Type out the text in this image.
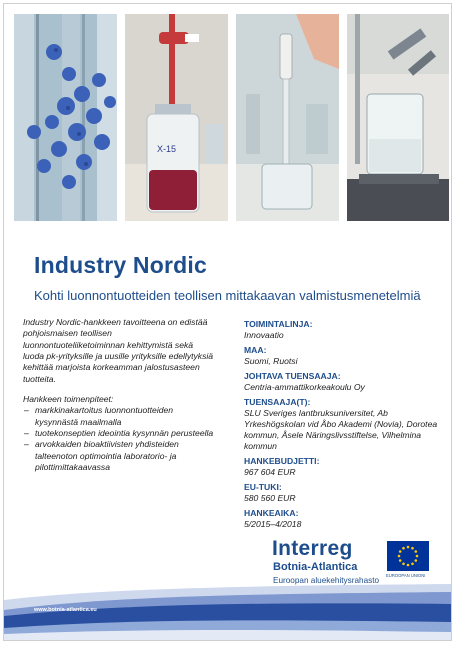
X-15
Industry Nordic
Kohti luonnontuotteiden teollisen mittakaavan valmistusmenetelmiä

Industry Nordic-hankkeen tavoitteena on edistää pohjoismaisen teollisen luonnontuoteliiketoiminnan kehittymistä sekä luoda pk-yrityksille ja uusille yrityksille edellytyksiä kehittää marjoista korkeamman jalostusasteen tuotteita.

Hankkeen toimenpiteet:

– markkinakartoitus luonnontuotteiden kysynnästä maailmalla
– tuotekonseptien ideointia kysynnän perusteella
– arvokkaiden bioaktiivisten yhdisteiden talteenoton optimointia laboratorio- ja pilottimittakaavassa
TOIMINTALINJA:
Innovaatio
MAA:
Suomi, Ruotsi
JOHTAVA TUENSAAJA:
Centria-ammattikorkeakoulu Oy
TUENSAAJA(T):
SLU Sveriges lantbruksuniversitet, Ab Yrkeshögskolan vid Åbo Akademi (Novia), Dorotea kommun, Åsele Näringslivsstiftelse, Vilhelmina kommun
HANKEBUDJETTI:
967 604 EUR
EU-TUKI:
580 560 EUR
HANKEAIKA:
5/2015–4/2018
Interreg
Botnia-Atlantica
Euroopan aluekehitysrahasto
EUROOPAN UNIONI
www.botnia-atlantica.eu
